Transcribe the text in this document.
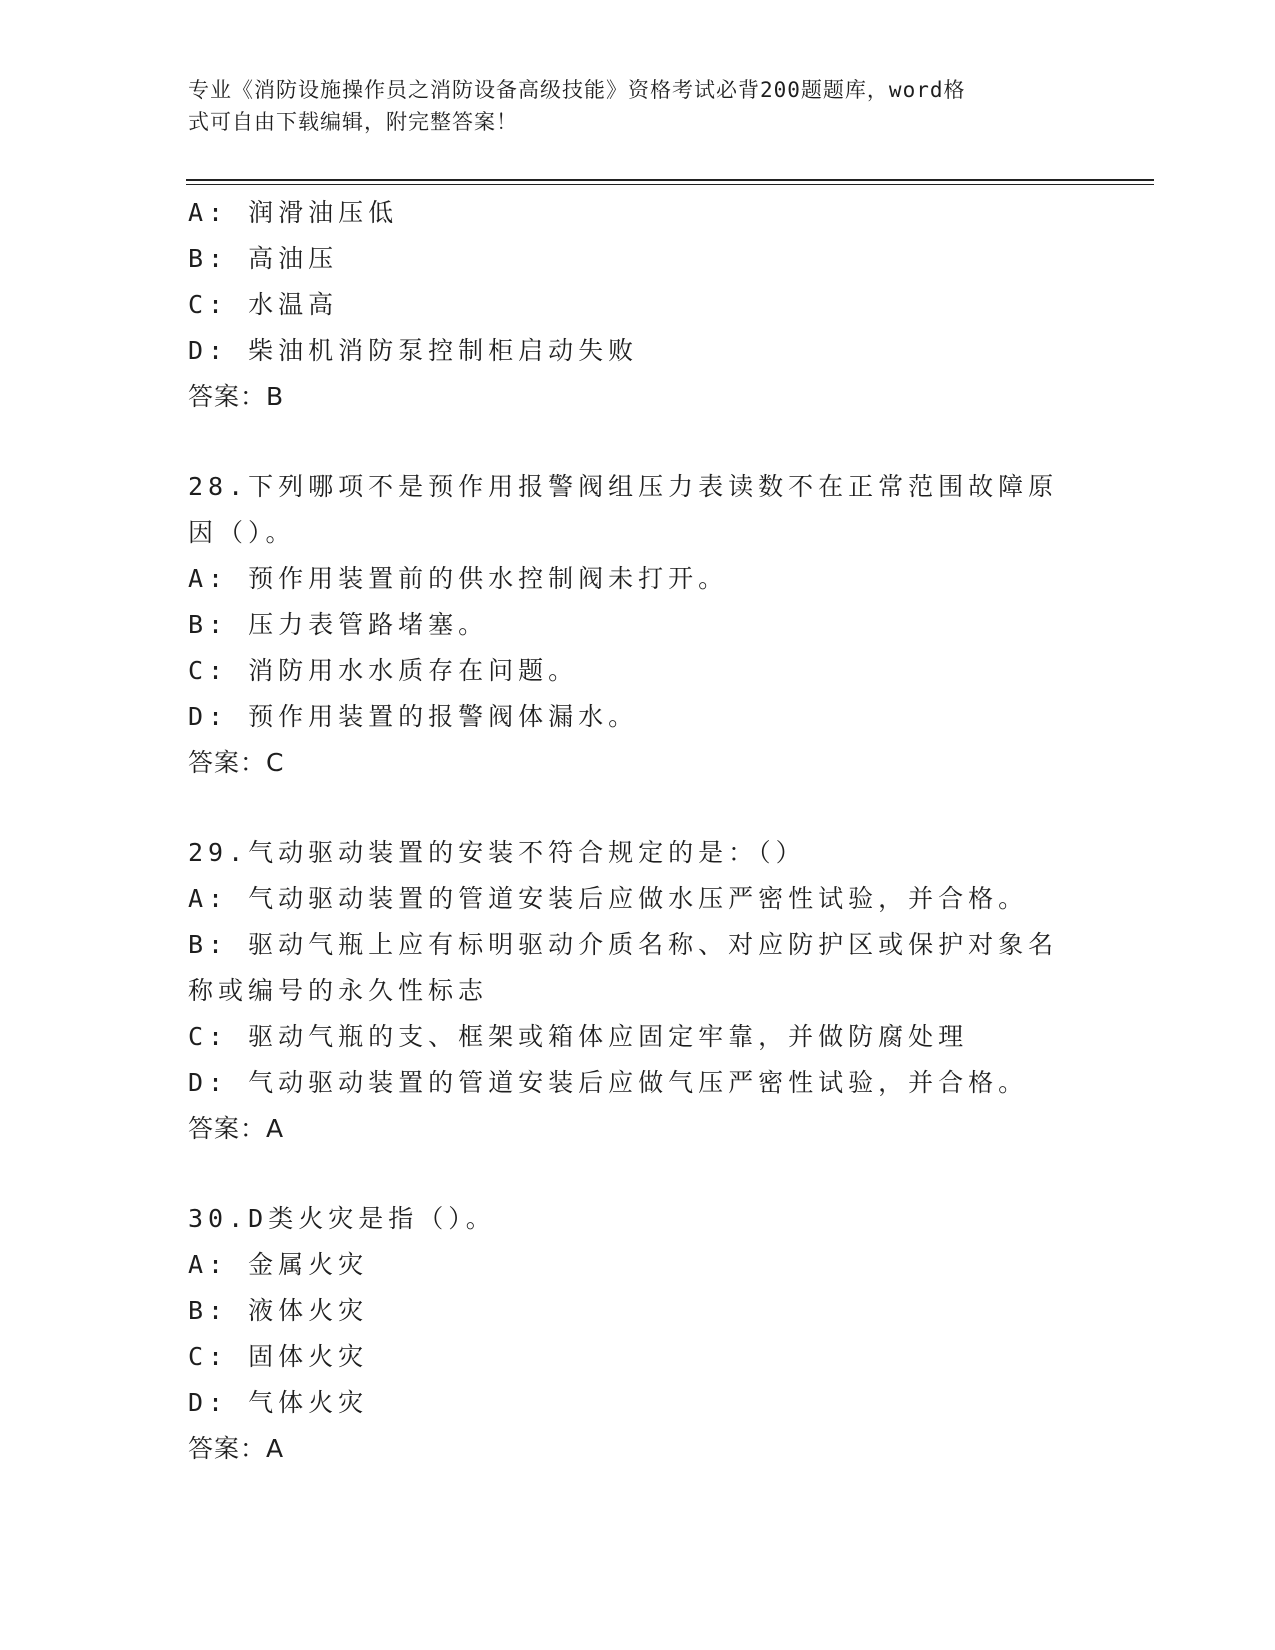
专业《消防设施操作员之消防设备高级技能》资格考试必背200题题库，word格
式可自由下载编辑，附完整答案！
A: 润滑油压低
B: 高油压
C: 水温高
D: 柴油机消防泵控制柜启动失败
答案：B
28.下列哪项不是预作用报警阀组压力表读数不在正常范围故障原因（）。
A: 预作用装置前的供水控制阀未打开。
B: 压力表管路堵塞。
C: 消防用水水质存在问题。
D: 预作用装置的报警阀体漏水。
答案：C
29.气动驱动装置的安装不符合规定的是：（）
A: 气动驱动装置的管道安装后应做水压严密性试验，并合格。
B: 驱动气瓶上应有标明驱动介质名称、对应防护区或保护对象名称或编号的永久性标志
C: 驱动气瓶的支、框架或箱体应固定牢靠，并做防腐处理
D: 气动驱动装置的管道安装后应做气压严密性试验，并合格。
答案：A
30.D类火灾是指（）。
A: 金属火灾
B: 液体火灾
C: 固体火灾
D: 气体火灾
答案：A
